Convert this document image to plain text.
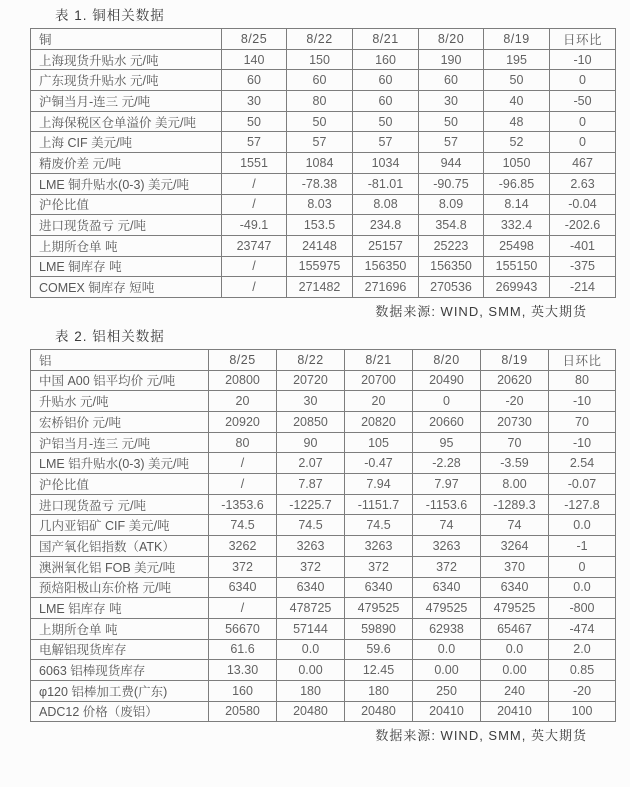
表 1. 铜相关数据
铜	8/25	8/22	8/21	8/20	8/19	日环比
上海现货升贴水 元/吨	140	150	160	190	195	-10
广东现货升贴水 元/吨	60	60	60	60	50	0
沪铜当月-连三 元/吨	30	80	60	30	40	-50
上海保税区仓单溢价 美元/吨	50	50	50	50	48	0
上海 CIF 美元/吨	57	57	57	57	52	0
精废价差 元/吨	1551	1084	1034	944	1050	467
LME 铜升贴水(0-3) 美元/吨	/	-78.38	-81.01	-90.75	-96.85	2.63
沪伦比值	/	8.03	8.08	8.09	8.14	-0.04
进口现货盈亏 元/吨	-49.1	153.5	234.8	354.8	332.4	-202.6
上期所仓单 吨	23747	24148	25157	25223	25498	-401
LME 铜库存 吨	/	155975	156350	156350	155150	-375
COMEX 铜库存 短吨	/	271482	271696	270536	269943	-214
数据来源: WIND, SMM, 英大期货
表 2. 铝相关数据
铝	8/25	8/22	8/21	8/20	8/19	日环比
中国 A00 铝平均价 元/吨	20800	20720	20700	20490	20620	80
升贴水 元/吨	20	30	20	0	-20	-10
宏桥铝价 元/吨	20920	20850	20820	20660	20730	70
沪铝当月-连三 元/吨	80	90	105	95	70	-10
LME 铝升贴水(0-3) 美元/吨	/	2.07	-0.47	-2.28	-3.59	2.54
沪伦比值	/	7.87	7.94	7.97	8.00	-0.07
进口现货盈亏 元/吨	-1353.6	-1225.7	-1151.7	-1153.6	-1289.3	-127.8
几内亚铝矿 CIF 美元/吨	74.5	74.5	74.5	74	74	0.0
国产氧化铝指数（ATK）	3262	3263	3263	3263	3264	-1
澳洲氧化铝 FOB 美元/吨	372	372	372	372	370	0
预焙阳极山东价格 元/吨	6340	6340	6340	6340	6340	0.0
LME 铝库存 吨	/	478725	479525	479525	479525	-800
上期所仓单 吨	56670	57144	59890	62938	65467	-474
电解铝现货库存	61.6	0.0	59.6	0.0	0.0	2.0
6063 铝棒现货库存	13.30	0.00	12.45	0.00	0.00	0.85
φ120 铝棒加工费(广东)	160	180	180	250	240	-20
ADC12 价格（废铝）	20580	20480	20480	20410	20410	100
数据来源: WIND, SMM, 英大期货
